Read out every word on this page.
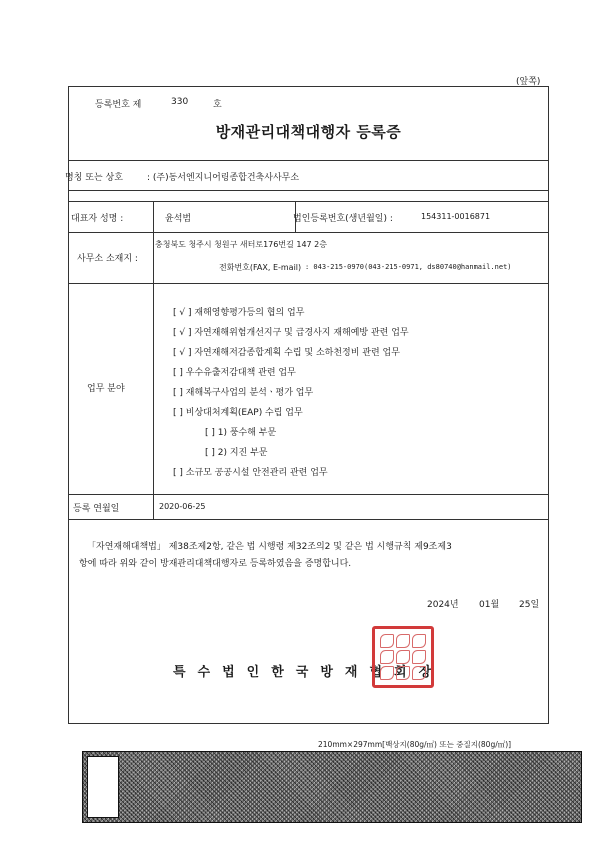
(앞쪽)
등록번호 제	330	호
방재관리대책대행자 등록증
명칭 또는 상호	: (주)동서엔지니어링종합건축사사무소
대표자 성명 :	윤석범	법인등록번호(생년월일) :	154311-0016871
사무소 소재지 :
충청북도 청주시 청원구 새터로176번길 147 2층
전화번호(FAX, E-mail) : 043-215-0970(043-215-0971, ds80740@hanmail.net)
업무 분야
[ √ ] 재해영향평가등의 협의 업무
[ √ ] 자연재해위험개선지구 및 급경사지 재해예방 관련 업무
[ √ ] 자연재해저감종합계획 수립 및 소하천정비 관련 업무
[ ] 우수유출저감대책 관련 업무
[ ] 재해복구사업의 분석ㆍ평가 업무
[ ] 비상대처계획(EAP) 수립 업무
[ ] 1) 풍수해 부문
[ ] 2) 지진 부문
[ ] 소규모 공공시설 안전관리 관련 업무
등록 연월일	2020-06-25
「자연재해대책법」 제38조제2항, 같은 법 시행령 제32조의2 및 같은 법 시행규칙 제9조제3
항에 따라 위와 같이 방재관리대책대행자로 등록하였음을 증명합니다.
2024년 01월 25일
특수법인한국방재협회장
210mm×297mm[백상지(80g/㎡) 또는 중질지(80g/㎡)]
